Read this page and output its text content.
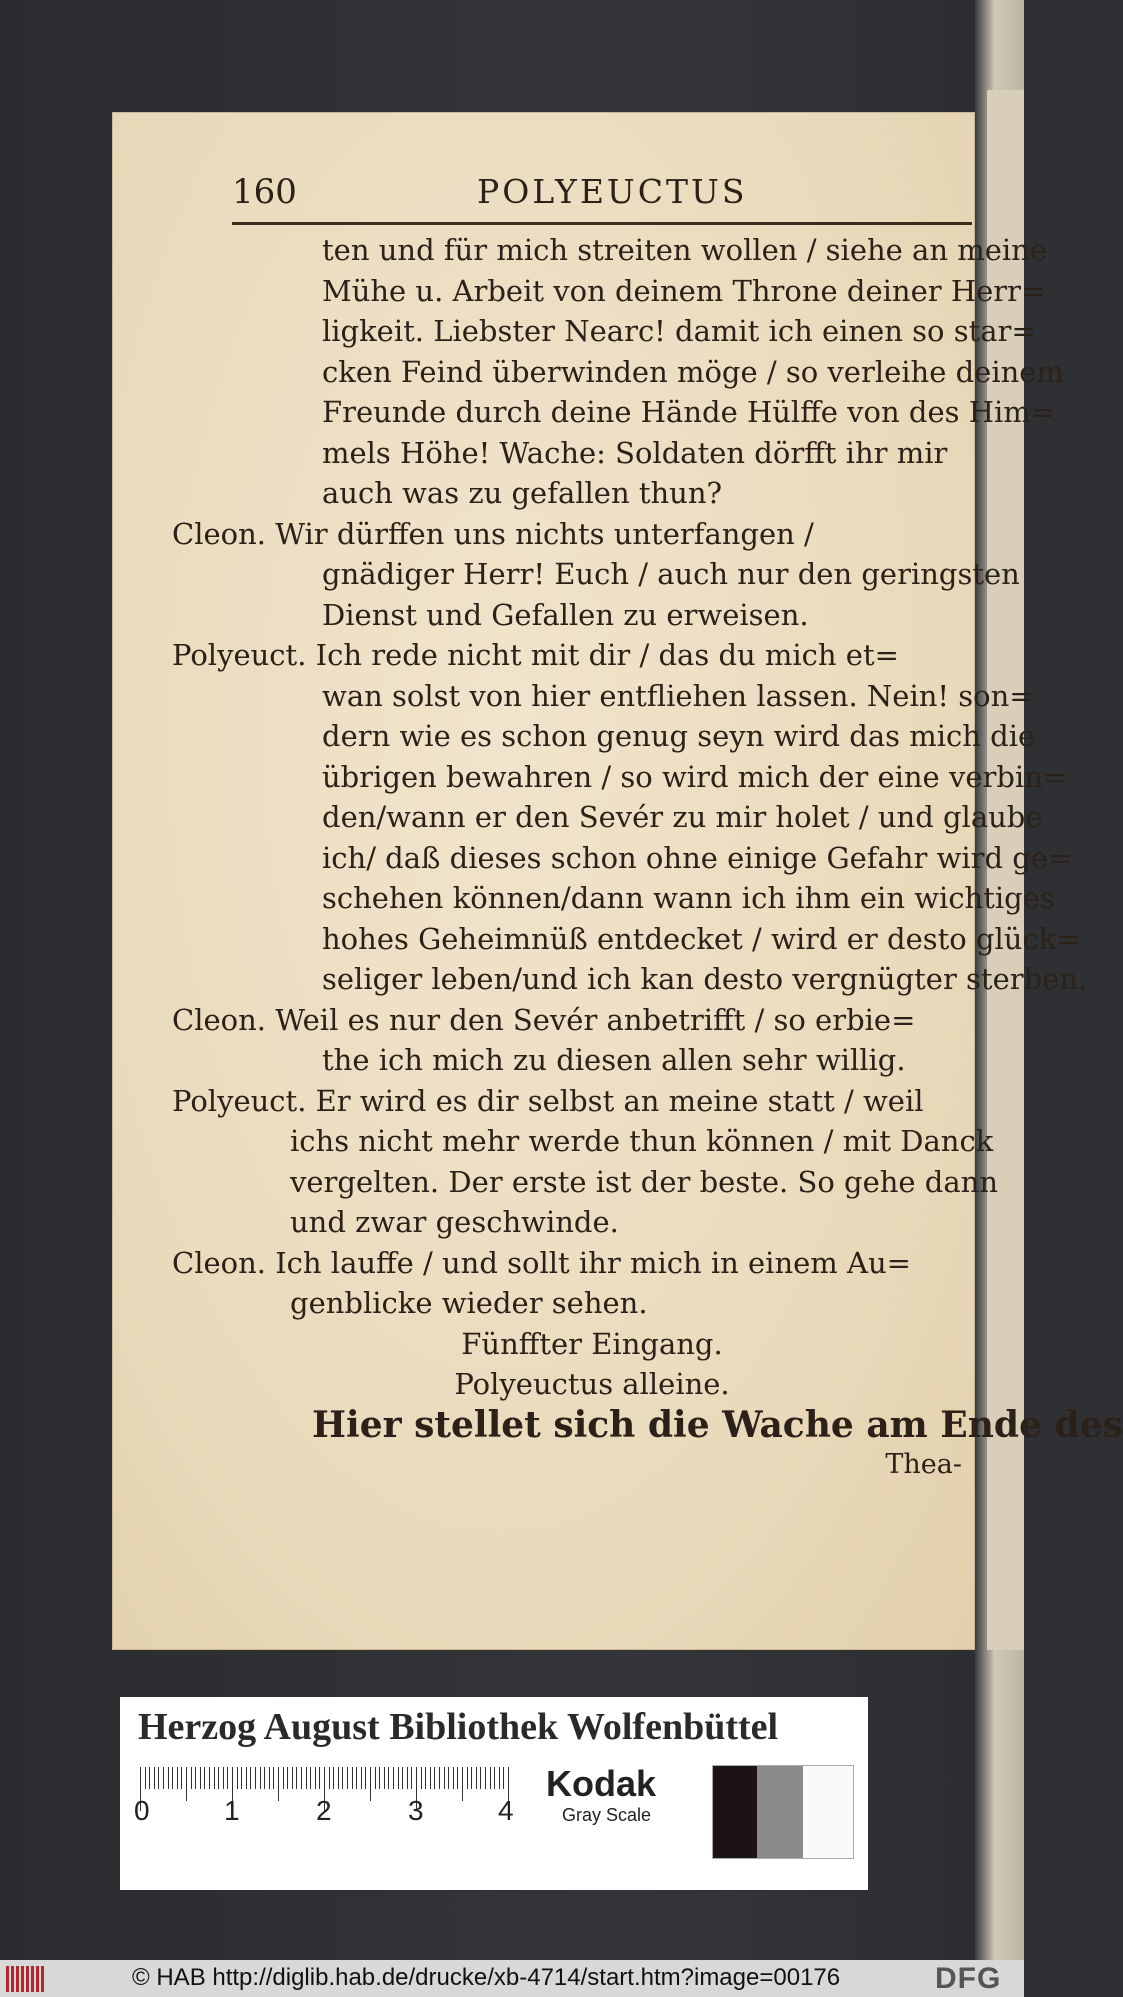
160	POLYEUCTUS
ten und für mich streiten wollen / siehe an meine
Mühe u. Arbeit von deinem Throne deiner Herr=
ligkeit. Liebster Nearc! damit ich einen so star=
cken Feind überwinden möge / so verleihe deinem
Freunde durch deine Hände Hülffe von des Him=
mels Höhe! Wache: Soldaten dörfft ihr mir
auch was zu gefallen thun?
Cleon. Wir dürffen uns nichts unterfangen /
gnädiger Herr! Euch / auch nur den geringsten
Dienst und Gefallen zu erweisen.
Polyeuct. Ich rede nicht mit dir / das du mich et=
wan solst von hier entfliehen lassen. Nein! son=
dern wie es schon genug seyn wird das mich die
übrigen bewahren / so wird mich der eine verbin=
den/wann er den Sevér zu mir holet / und glaube
ich/ daß dieses schon ohne einige Gefahr wird ge=
schehen können/dann wann ich ihm ein wichtiges
hohes Geheimnüß entdecket / wird er desto glück=
seliger leben/und ich kan desto vergnügter sterben.
Cleon. Weil es nur den Sevér anbetrifft / so erbie=
the ich mich zu diesen allen sehr willig.
Polyeuct. Er wird es dir selbst an meine statt / weil
ichs nicht mehr werde thun können / mit Danck
vergelten. Der erste ist der beste. So gehe dann
und zwar geschwinde.
Cleon. Ich lauffe / und sollt ihr mich in einem Au=
genblicke wieder sehen.
Fünffter Eingang.
Polyeuctus alleine.
Hier stellet sich die Wache am Ende des
Thea-
Herzog August Bibliothek Wolfenbüttel
0	1	2	3	4
Kodak
Gray Scale
© HAB http://diglib.hab.de/drucke/xb-4714/start.htm?image=00176	DFG
